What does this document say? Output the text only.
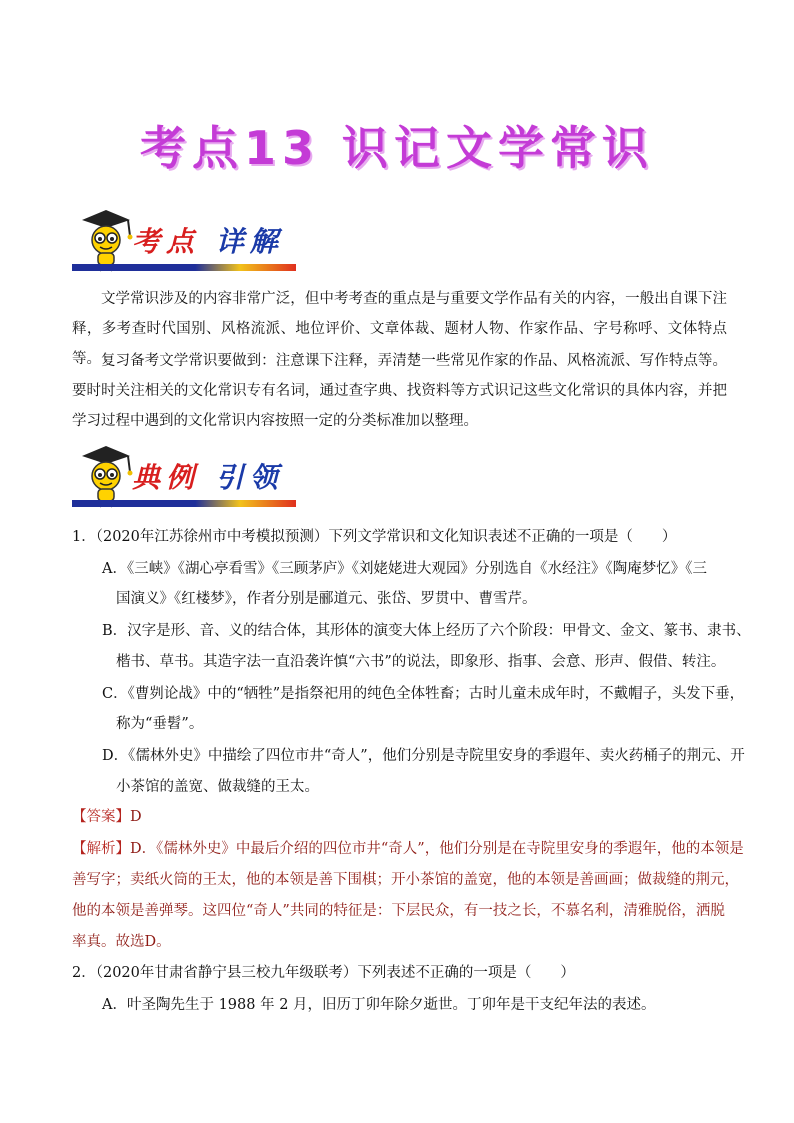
考点13 识记文学常识
考点 详解
文学常识涉及的内容非常广泛，但中考考查的重点是与重要文学作品有关的内容，一般出自课下注释，多考查时代国别、风格流派、地位评价、文章体裁、题材人物、作家作品、字号称呼、文体特点等。 复习备考文学常识要做到：注意课下注释，弄清楚一些常见作家的作品、风格流派、写作特点等。要时时关注相关的文化常识专有名词，通过查字典、找资料等方式识记这些文化常识的具体内容，并把学习过程中遇到的文化常识内容按照一定的分类标准加以整理。
典例 引领
1．（2020年江苏徐州市中考模拟预测）下列文学常识和文化知识表述不正确的一项是（　　）
A．《三峡》《湖心亭看雪》《三顾茅庐》《刘姥姥进大观园》分别选自《水经注》《陶庵梦忆》《三
国演义》《红楼梦》，作者分别是郦道元、张岱、罗贯中、曹雪芹。
B．汉字是形、音、义的结合体，其形体的演变大体上经历了六个阶段：甲骨文、金文、篆书、隶书、
楷书、草书。其造字法一直沿袭许慎“六书”的说法，即象形、指事、会意、形声、假借、转注。
C．《曹刿论战》中的“牺牲”是指祭祀用的纯色全体牲畜；古时儿童未成年时，不戴帽子，头发下垂，
称为“垂髫”。
D．《儒林外史》中描绘了四位市井“奇人”，他们分别是寺院里安身的季遐年、卖火药桶子的荆元、开
小茶馆的盖宽、做裁缝的王太。
【答案】D
【解析】D．《儒林外史》中最后介绍的四位市井“奇人”，他们分别是在寺院里安身的季遐年，他的本领是
善写字；卖纸火筒的王太，他的本领是善下围棋；开小茶馆的盖宽，他的本领是善画画；做裁缝的荆元，
他的本领是善弹琴。这四位“奇人”共同的特征是：下层民众，有一技之长，不慕名利，清雅脱俗，洒脱
率真。故选D。
2．（2020年甘肃省静宁县三校九年级联考）下列表述不正确的一项是（　　）
A．叶圣陶先生于 1988 年 2 月，旧历丁卯年除夕逝世。丁卯年是干支纪年法的表述。
